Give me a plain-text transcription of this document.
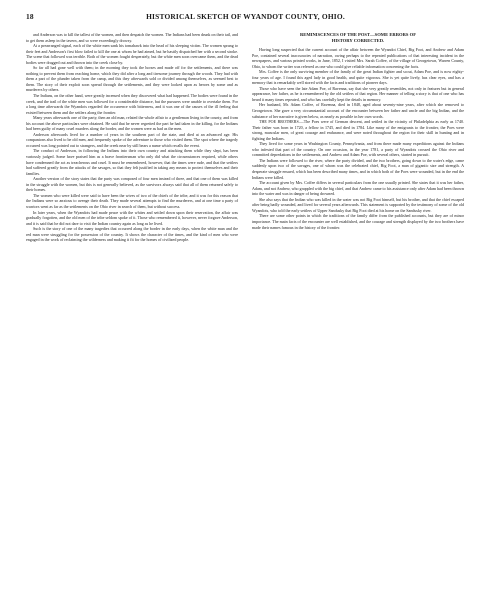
18	HISTORICAL SKETCH OF WYANDOT COUNTY, OHIO.

and Anderson was to kill the tallest of the women, and then despatch the women. The Indians had been drunk on their tail, and to get them asleep in the tavern, and so were exceedingly drowsy.

At a prearranged signal, each of the white men sank his tomahawk into the head of his sleeping victim. The women sprang to their feet and Anderson's first blow failed to kill the one at whom he had aimed, but he hastily dispatched her with a second stroke. The scene that followed was terrible. Both of the women fought desperately, but the white men soon overcame them, and the dead bodies were dragged out and thrown into the creek close by.

So far all had gone well with them; in the morning they took the horses and made off for the settlements, and there was nothing to prevent them from reaching home, which they did after a long and tiresome journey through the woods. They had with them a part of the plunder taken from the camp, and this they afterwards sold or divided among themselves, as seemed best to them. The story of their exploit soon spread through the settlements, and they were looked upon as heroes by some and as murderers by others.

The Indians, on the other hand, were greatly incensed when they discovered what had happened. The bodies were found in the creek, and the trail of the white men was followed for a considerable distance, but the pursuers were unable to overtake them. For a long time afterwards the Wyandots regarded the occurrence with bitterness, and it was one of the causes of the ill feeling that existed between them and the settlers along the frontier.

Many years afterwards one of the party, then an old man, related the whole affair to a gentleman living in the county, and from his account the above particulars were obtained. He said that he never regretted the part he had taken in the killing, for the Indians had been guilty of many cruel murders along the border, and the women were as bad as the men.

Anderson afterwards lived for a number of years in the southern part of the state, and died at an advanced age. His companions also lived to be old men, and frequently spoke of the adventure to those who visited them. The spot where the tragedy occurred was long pointed out to strangers, and the creek near by still bears a name which recalls the event.

The conduct of Anderson, in following the Indians into their own country and attacking them while they slept, has been variously judged. Some have praised him as a brave frontiersman who only did what the circumstances required, while others have condemned the act as treacherous and cruel. It must be remembered, however, that the times were rude, and that the settlers had suffered greatly from the attacks of the savages, so that they felt justified in taking any means to protect themselves and their families.

Another version of the story states that the party was composed of four men instead of three, and that one of them was killed in the struggle with the women, but this is not generally believed, as the survivors always said that all of them returned safely to their homes.

The women who were killed were said to have been the wives of two of the chiefs of the tribe, and it was for this reason that the Indians were so anxious to avenge their death. They made several attempts to find the murderers, and at one time a party of warriors went as far as the settlements on the Ohio river in search of them, but without success.

In later years, when the Wyandots had made peace with the whites and settled down upon their reservation, the affair was gradually forgotten, and the old men of the tribe seldom spoke of it. Those who remembered it, however, never forgave Anderson, and it is said that he did not dare to visit the Indian country again as long as he lived.

Such is the story of one of the many tragedies that occurred along the border in the early days, when the white man and the red man were struggling for the possession of the country. It shows the character of the times, and the kind of men who were engaged in the work of reclaiming the wilderness and making it fit for the homes of civilized people.

REMINISCENCES OF THE POST—SOME ERRORS OF
HISTORY CORRECTED.

Having long suspected that the current account of the affair between the Wyandot Chief, Big Foot, and Andrew and Adam Poe, contained several inaccuracies of narration, owing perhaps to the repeated publications of that interesting incident in the newspapers, and various printed works, in June, 1852, I visited Mrs. Sarah Coffee, of the village of Georgetown, Warren County, Ohio, to whom the writer was referred as one who could give reliable information concerning the facts.

Mrs. Coffee is the only surviving member of the family of the great Indian fighter and scout, Adam Poe, and is now eighty-four years of age. I found this aged lady in good health, and quite vigorous. She is yet quite lively, has clear eyes, and has a memory that is remarkably well stored with the facts and traditions of pioneer days.

Those who have seen the late Adam Poe, of Ravenna, say that she very greatly resembles, not only in features but in general appearance, her father, as he is remembered by the old settlers of that region. Her manner of telling a story is that of one who has heard it many times repeated, and who has carefully kept the details in memory.

Her husband, Mr. Adam Coffee, of Ravenna, died in 1848, aged about seventy-nine years, after which she removed to Georgetown. She gave a very circumstantial account of the encounter between her father and uncle and the big Indian, and the substance of her narrative is given below, as nearly as possible in her own words.

THE POE BROTHERS.—The Poes were of German descent, and settled in the vicinity of Philadelphia as early as 1740. Their father was born in 1720, a fellow in 1745, and died in 1784. Like many of the emigrants to the frontier, the Poes were strong, muscular men, of great courage and endurance, and were noted throughout the region for their skill in hunting and in fighting the Indians.

They lived for some years in Washington County, Pennsylvania, and from there made many expeditions against the Indians who infested that part of the country. On one occasion, in the year 1781, a party of Wyandots crossed the Ohio river and committed depredations in the settlements, and Andrew and Adam Poe, with several others, started in pursuit.

The Indians were followed to the river, where the party divided, and the two brothers, going down to the water's edge, came suddenly upon two of the savages, one of whom was the celebrated chief, Big Foot, a man of gigantic size and strength. A desperate struggle ensued, which has been described many times, and in which both of the Poes were wounded, but in the end the Indians were killed.

The account given by Mrs. Coffee differs in several particulars from the one usually printed. She states that it was her father, Adam, and not Andrew, who grappled with the big chief, and that Andrew came to his assistance only after Adam had been thrown into the water and was in danger of being drowned.

She also says that the Indian who was killed in the water was not Big Foot himself, but his brother, and that the chief escaped after being badly wounded, and lived for several years afterwards. This statement is supported by the testimony of some of the old Wyandots, who told the early settlers of Upper Sandusky that Big Foot died at his home on the Sandusky river.

There are some other points in which the traditions of the family differ from the published accounts, but they are of minor importance. The main facts of the encounter are well established, and the courage and strength displayed by the two brothers have made their names famous in the history of the frontier.
